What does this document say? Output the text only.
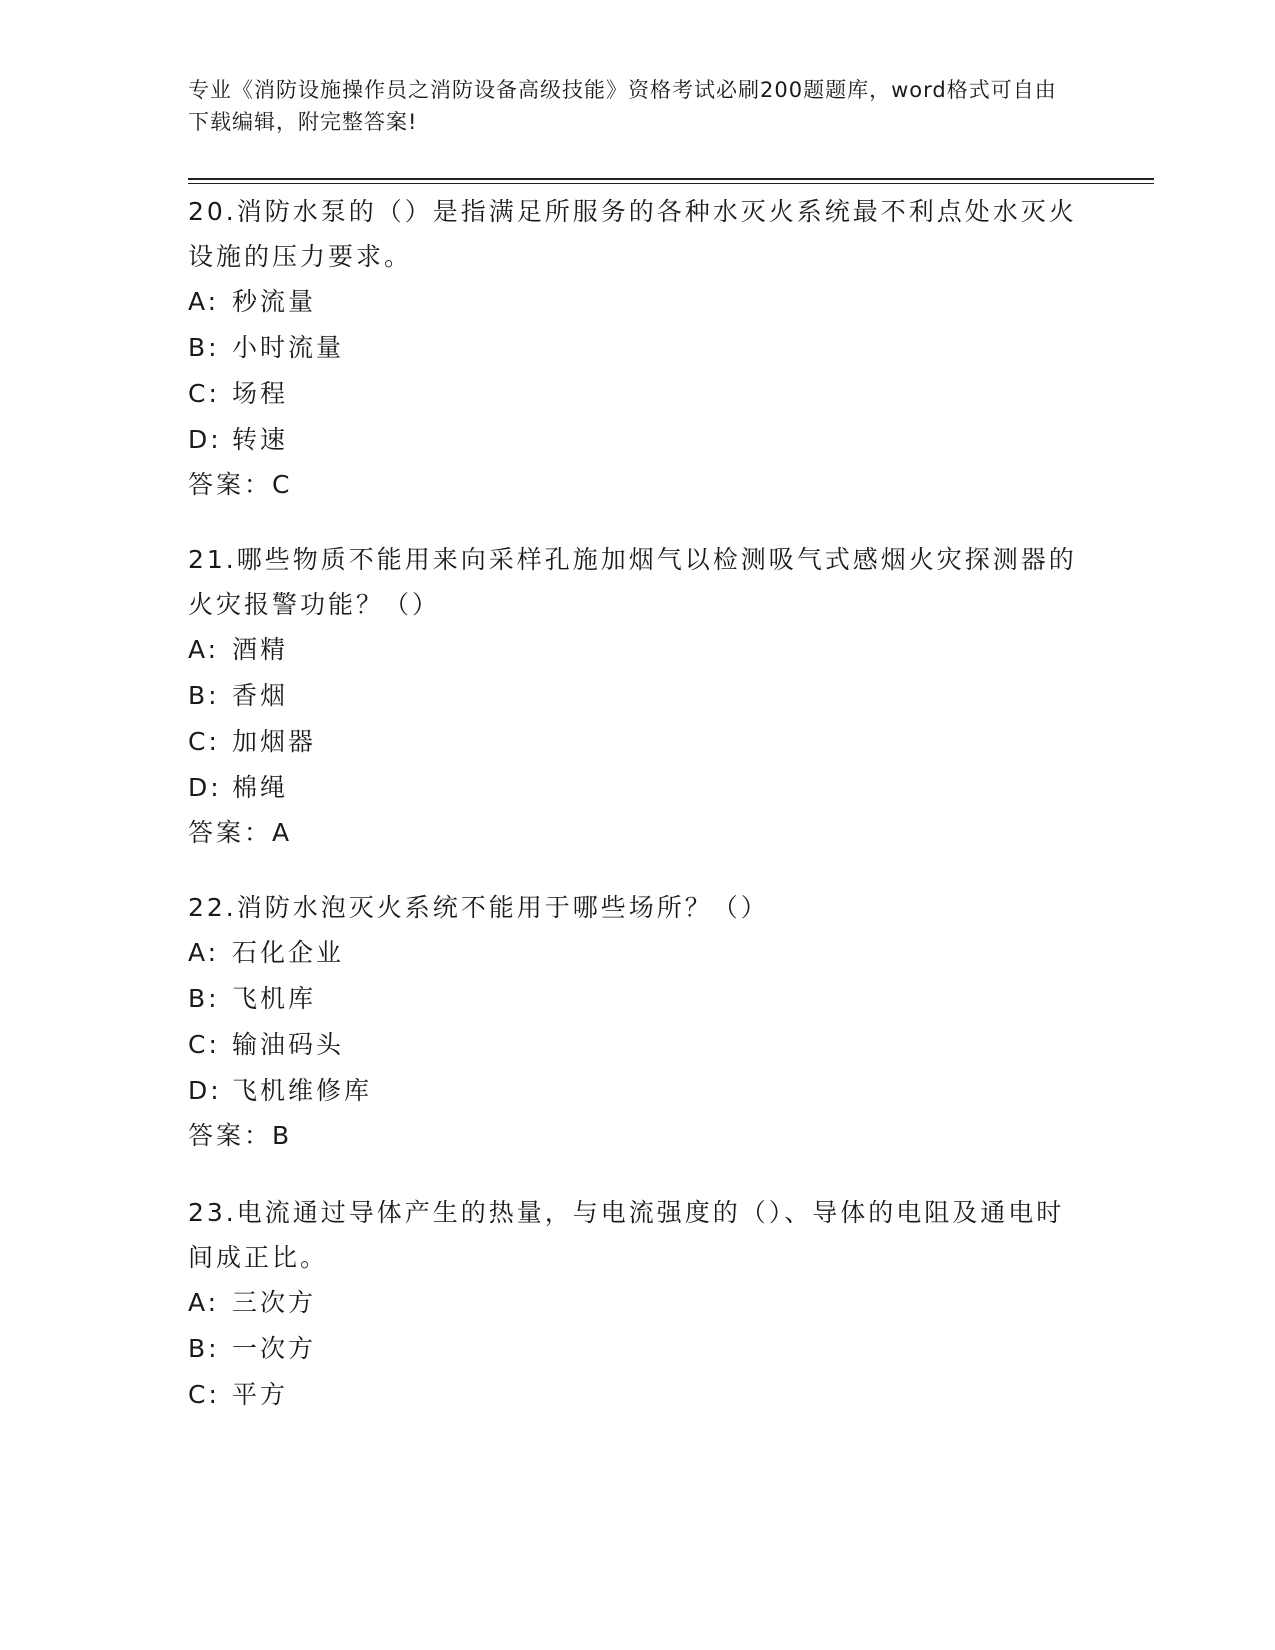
专业《消防设施操作员之消防设备高级技能》资格考试必刷200题题库，word格式可自由下载编辑，附完整答案!
20.消防水泵的（）是指满足所服务的各种水灭火系统最不利点处水灭火设施的压力要求。
A: 秒流量
B: 小时流量
C: 场程
D: 转速
答案：C
21.哪些物质不能用来向采样孔施加烟气以检测吸气式感烟火灾探测器的火灾报警功能？（）
A: 酒精
B: 香烟
C: 加烟器
D: 棉绳
答案：A
22.消防水泡灭火系统不能用于哪些场所？（）
A: 石化企业
B: 飞机库
C: 输油码头
D: 飞机维修库
答案：B
23.电流通过导体产生的热量，与电流强度的（）、导体的电阻及通电时间成正比。
A: 三次方
B: 一次方
C: 平方
